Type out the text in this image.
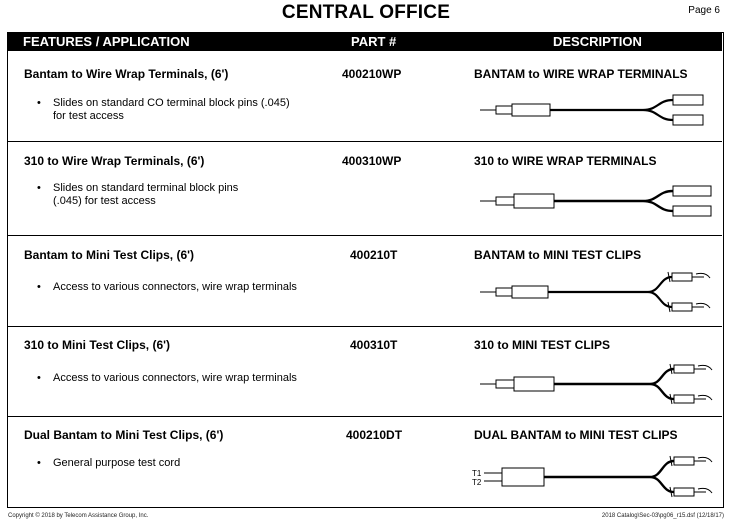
CENTRAL OFFICE	Page 6
FEATURES / APPLICATION	PART #	DESCRIPTION
Bantam to Wire Wrap Terminals, (6')	400210WP	BANTAM to WIRE WRAP TERMINALS
• Slides on standard CO terminal block pins (.045)
for test access
310 to Wire Wrap Terminals, (6')	400310WP	310 to WIRE WRAP TERMINALS
• Slides on standard terminal block pins
(.045) for test access
Bantam to Mini Test Clips, (6')	400210T	BANTAM to MINI TEST CLIPS
• Access to various connectors, wire wrap terminals
310 to Mini Test Clips, (6')	400310T	310 to MINI TEST CLIPS
• Access to various connectors, wire wrap terminals
Dual Bantam to Mini Test Clips, (6')	400210DT	DUAL BANTAM to MINI TEST CLIPS
• General purpose test cord
T1
T2
Copyright © 2018 by Telecom Assistance Group, Inc.	2018 Catalog\Sec-03\pg06_r15.dsf (12/18/17)
